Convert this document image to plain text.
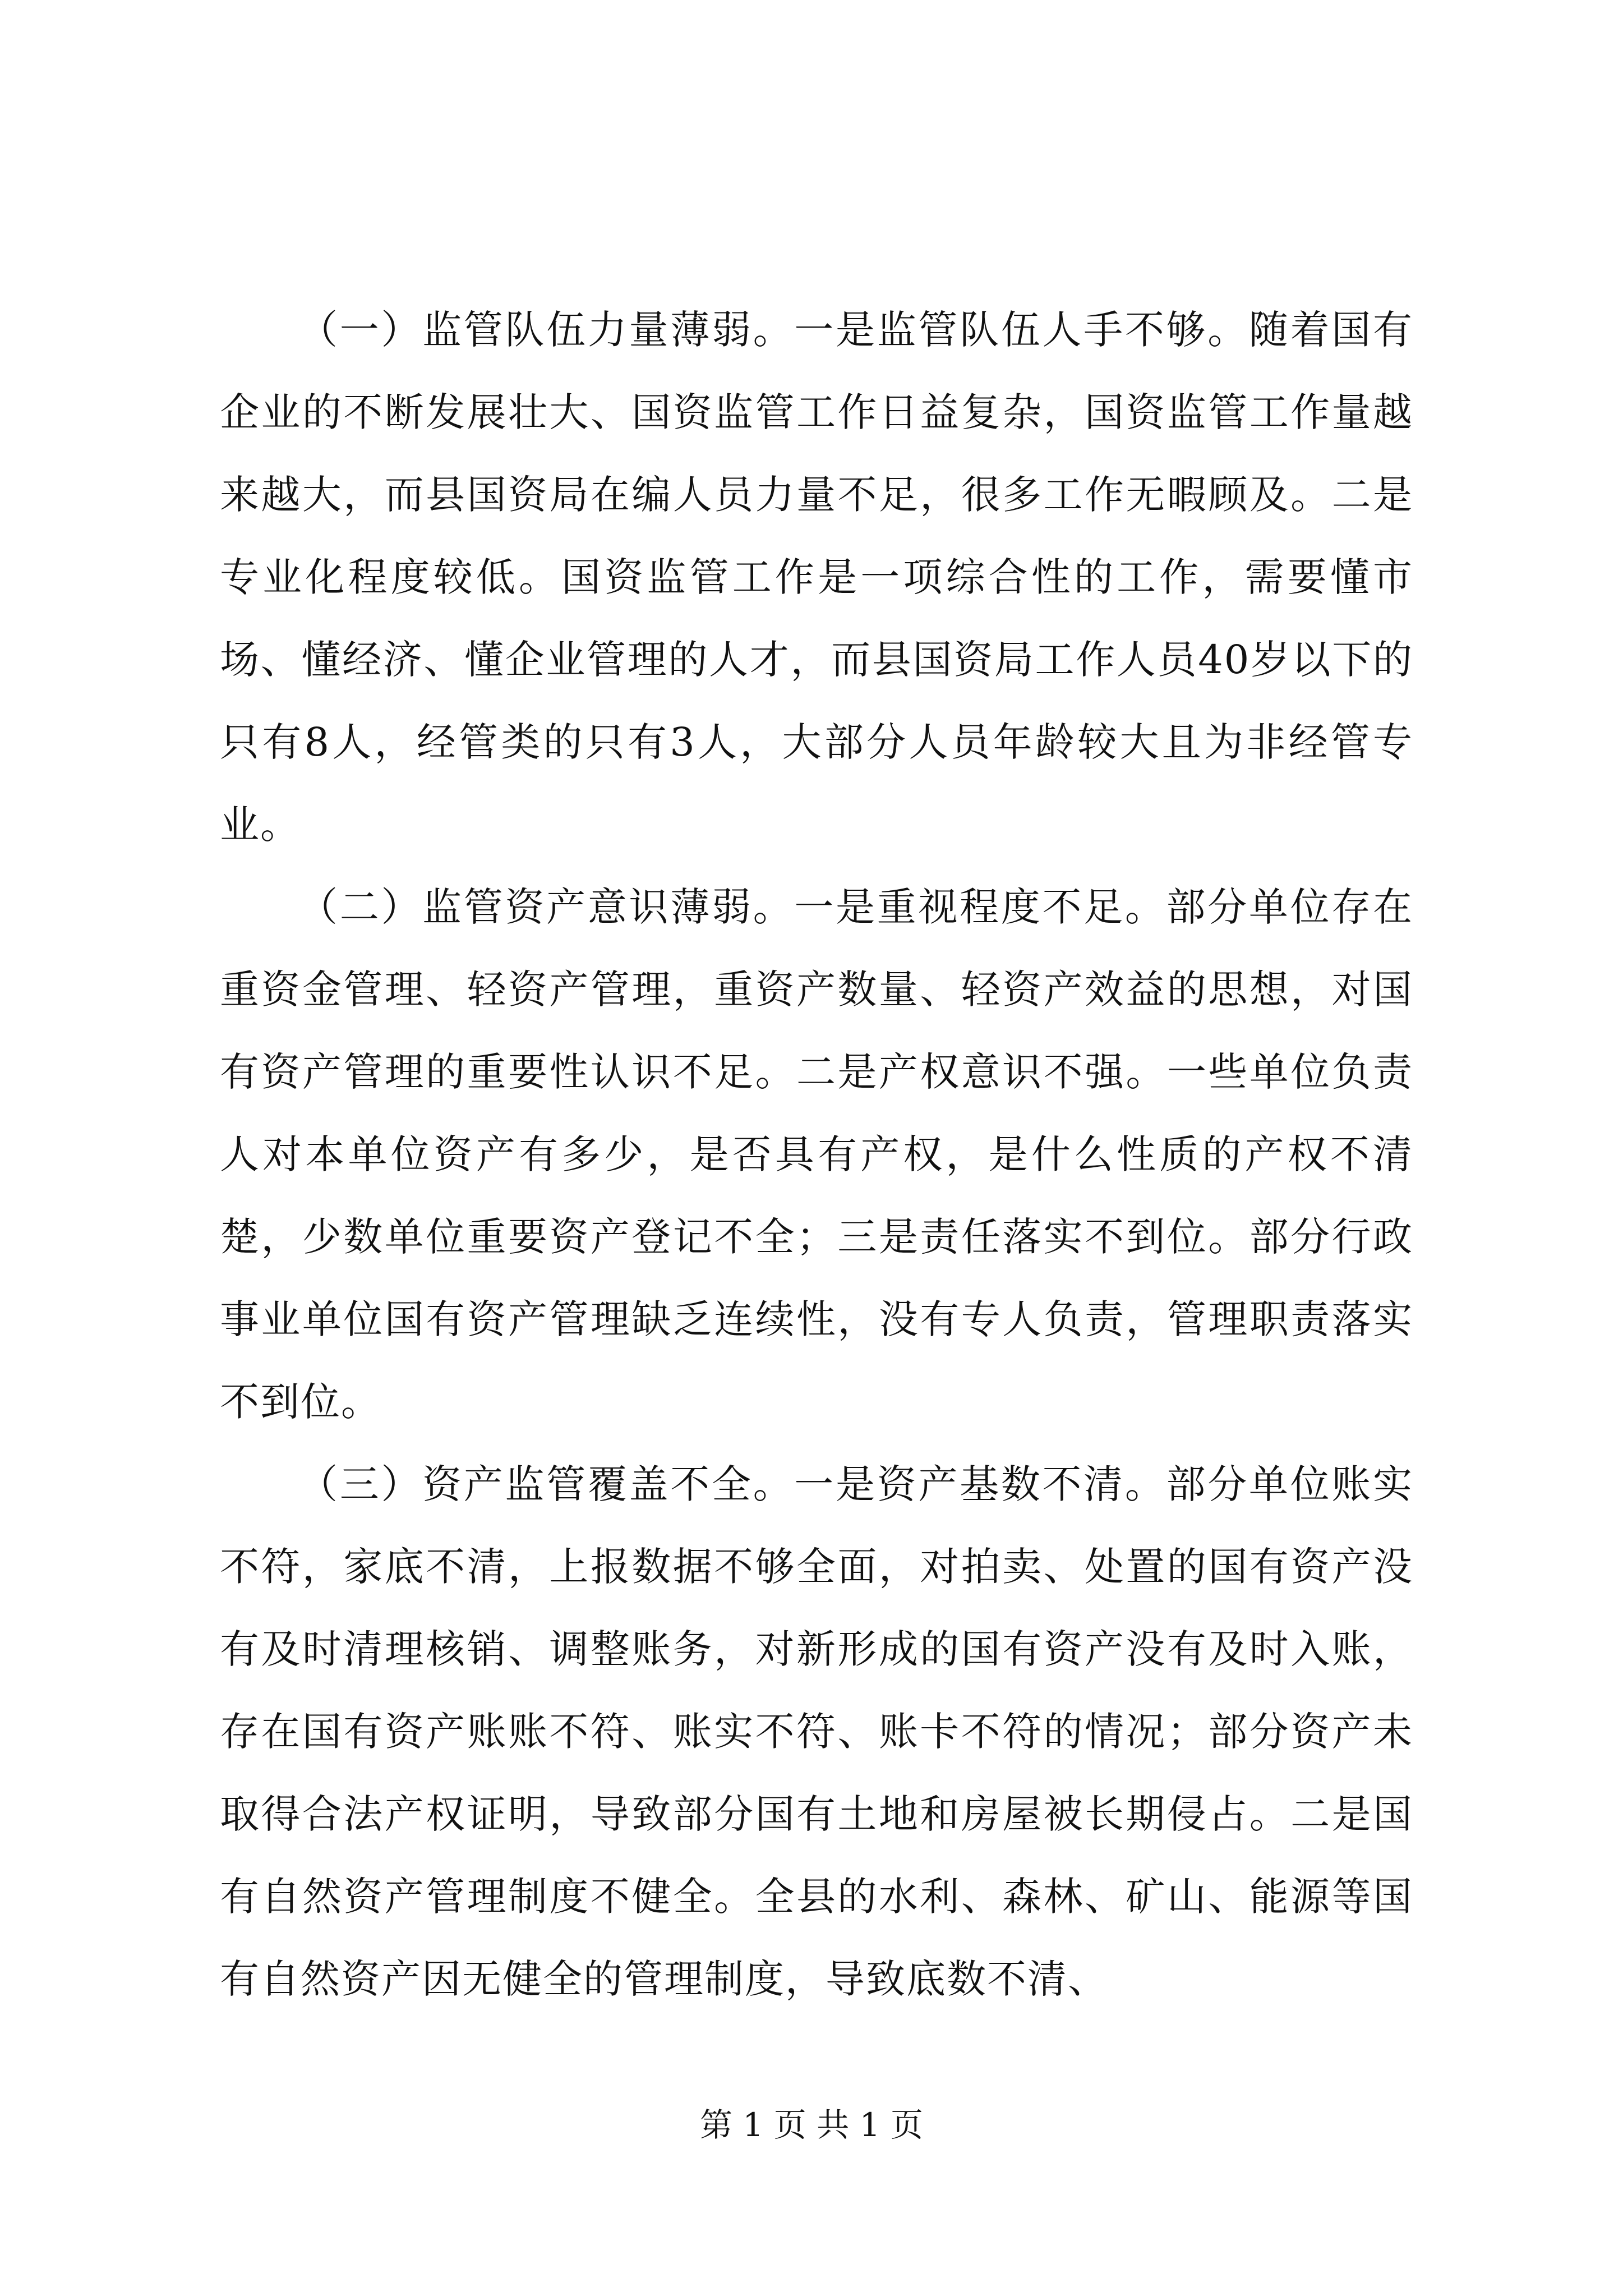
（一）监管队伍力量薄弱。一是监管队伍人手不够。随着国有企业的不断发展壮大、国资监管工作日益复杂，国资监管工作量越来越大，而县国资局在编人员力量不足，很多工作无暇顾及。二是专业化程度较低。国资监管工作是一项综合性的工作，需要懂市场、懂经济、懂企业管理的人才，而县国资局工作人员40岁以下的只有8人，经管类的只有3人，大部分人员年龄较大且为非经管专业。

（二）监管资产意识薄弱。一是重视程度不足。部分单位存在重资金管理、轻资产管理，重资产数量、轻资产效益的思想，对国有资产管理的重要性认识不足。二是产权意识不强。一些单位负责人对本单位资产有多少，是否具有产权，是什么性质的产权不清楚，少数单位重要资产登记不全；三是责任落实不到位。部分行政事业单位国有资产管理缺乏连续性，没有专人负责，管理职责落实不到位。

（三）资产监管覆盖不全。一是资产基数不清。部分单位账实不符，家底不清，上报数据不够全面，对拍卖、处置的国有资产没有及时清理核销、调整账务，对新形成的国有资产没有及时入账，存在国有资产账账不符、账实不符、账卡不符的情况；部分资产未取得合法产权证明，导致部分国有土地和房屋被长期侵占。二是国有自然资产管理制度不健全。全县的水利、森林、矿山、能源等国有自然资产因无健全的管理制度，导致底数不清、

第 1 页 共 1 页
